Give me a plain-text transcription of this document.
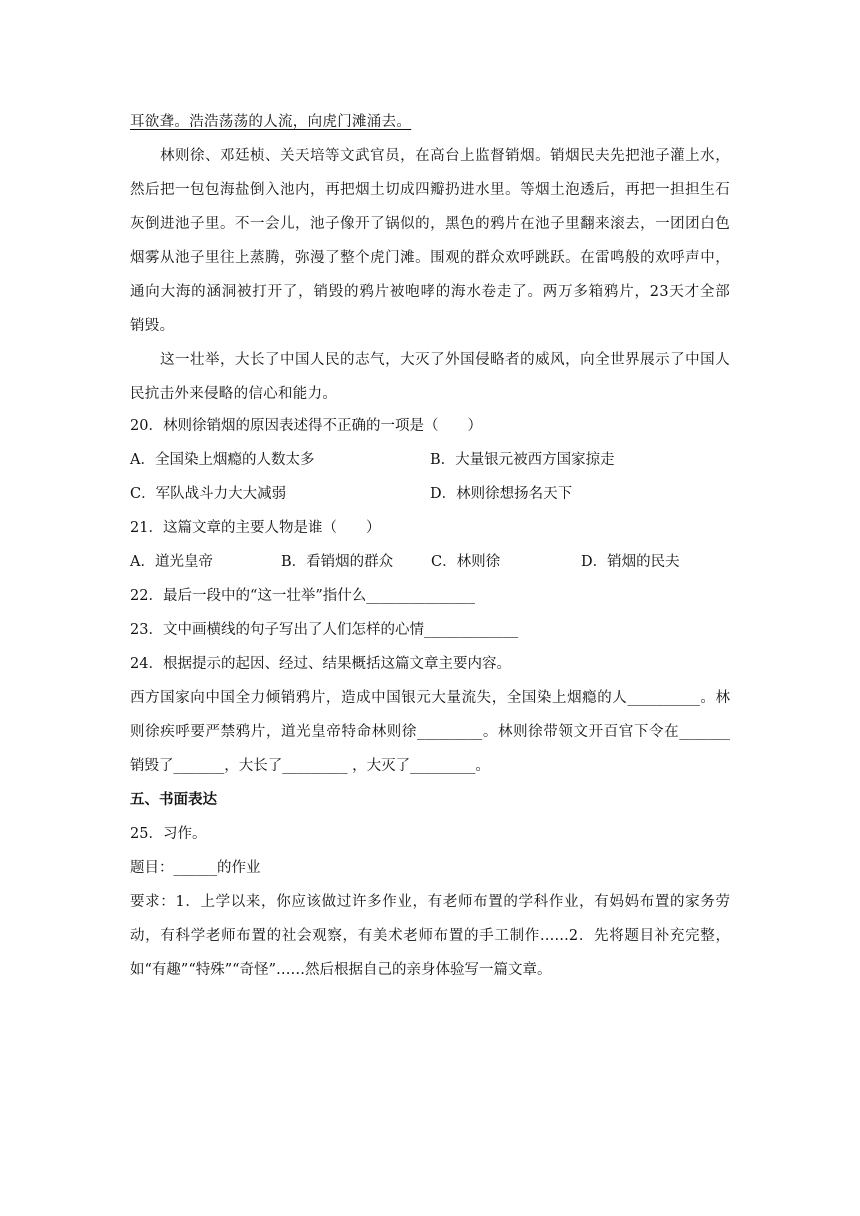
耳欲聋。浩浩荡荡的人流，向虎门滩涌去。
林则徐、邓廷桢、关天培等文武官员，在高台上监督销烟。销烟民夫先把池子灌上水，
然后把一包包海盐倒入池内，再把烟土切成四瓣扔进水里。等烟土泡透后，再把一担担生石
灰倒进池子里。不一会儿，池子像开了锅似的，黑色的鸦片在池子里翻来滚去，一团团白色
烟雾从池子里往上蒸腾，弥漫了整个虎门滩。围观的群众欢呼跳跃。在雷鸣般的欢呼声中，
通向大海的涵洞被打开了，销毁的鸦片被咆哮的海水卷走了。两万多箱鸦片，23天才全部
销毁。
这一壮举，大长了中国人民的志气，大灭了外国侵略者的威风，向全世界展示了中国人
民抗击外来侵略的信心和能力。
20．林则徐销烟的原因表述得不正确的一项是（　　）
A．全国染上烟瘾的人数太多	B．大量银元被西方国家掠走
C．军队战斗力大大减弱	D．林则徐想扬名天下
21．这篇文章的主要人物是谁（　　）
A．道光皇帝	B．看销烟的群众	C．林则徐	D．销烟的民夫
22．最后一段中的“这一壮举”指什么_______________
23．文中画横线的句子写出了人们怎样的心情_____________
24．根据提示的起因、经过、结果概括这篇文章主要内容。
西方国家向中国全力倾销鸦片，造成中国银元大量流失，全国染上烟瘾的人__________。林
则徐疾呼要严禁鸦片，道光皇帝特命林则徐_________。林则徐带领文开百官下令在_______
销毁了_______，大长了_________ ，大灭了_________。
五、书面表达
25．习作。
题目：______的作业
要求：1．上学以来，你应该做过许多作业，有老师布置的学科作业，有妈妈布置的家务劳
动，有科学老师布置的社会观察，有美术老师布置的手工制作……2．先将题目补充完整，
如“有趣”“特殊”“奇怪”……然后根据自己的亲身体验写一篇文章。
